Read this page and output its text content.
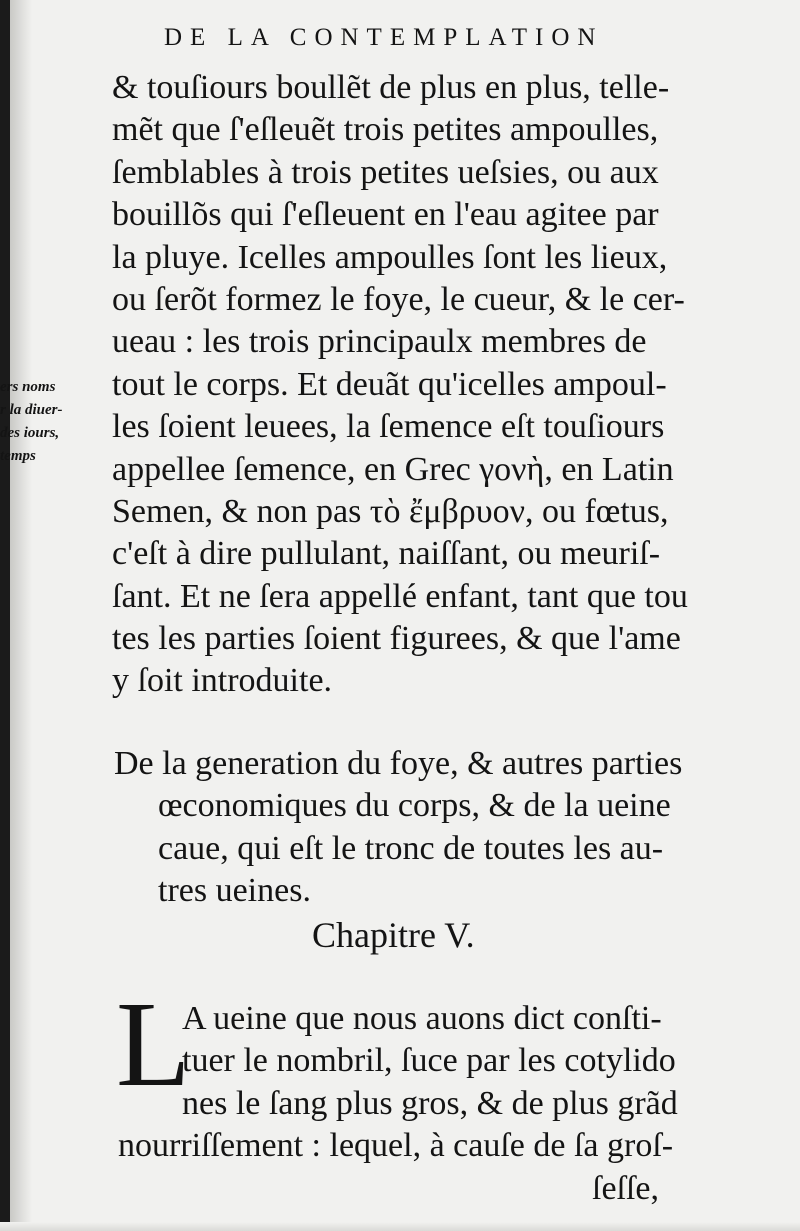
DE LA CONTEMPLATION
ers noms
r la diuer-
des iours,
temps
& touſiours boullẽt de plus en plus, telle-
mẽt que ſ'eſleuẽt trois petites ampoulles,
ſemblables à trois petites ueſsies, ou aux
bouillõs qui ſ'eſleuent en l'eau agitee par
la pluye. Icelles ampoulles ſont les lieux,
ou ſerõt formez le foye, le cueur, & le cer-
ueau : les trois principaulx membres de
tout le corps. Et deuãt qu'icelles ampoul-
les ſoient leuees, la ſemence eſt touſiours
appellee ſemence, en Grec γονὴ, en Latin
Semen, & non pas τὸ ἔμβρυον, ou fœtus,
c'eſt à dire pullulant, naiſſant, ou meuriſ-
ſant. Et ne ſera appellé enfant, tant que tou
tes les parties ſoient figurees, & que l'ame
y ſoit introduite.
De la generation du foye, & autres parties
œconomiques du corps, & de la ueine
caue, qui eſt le tronc de toutes les au-
tres ueines.
Chapitre V.
L
A ueine que nous auons dict conſti-
tuer le nombril, ſuce par les cotylido
nes le ſang plus gros, & de plus grãd
nourriſſement : lequel, à cauſe de ſa groſ-
ſeſſe,
